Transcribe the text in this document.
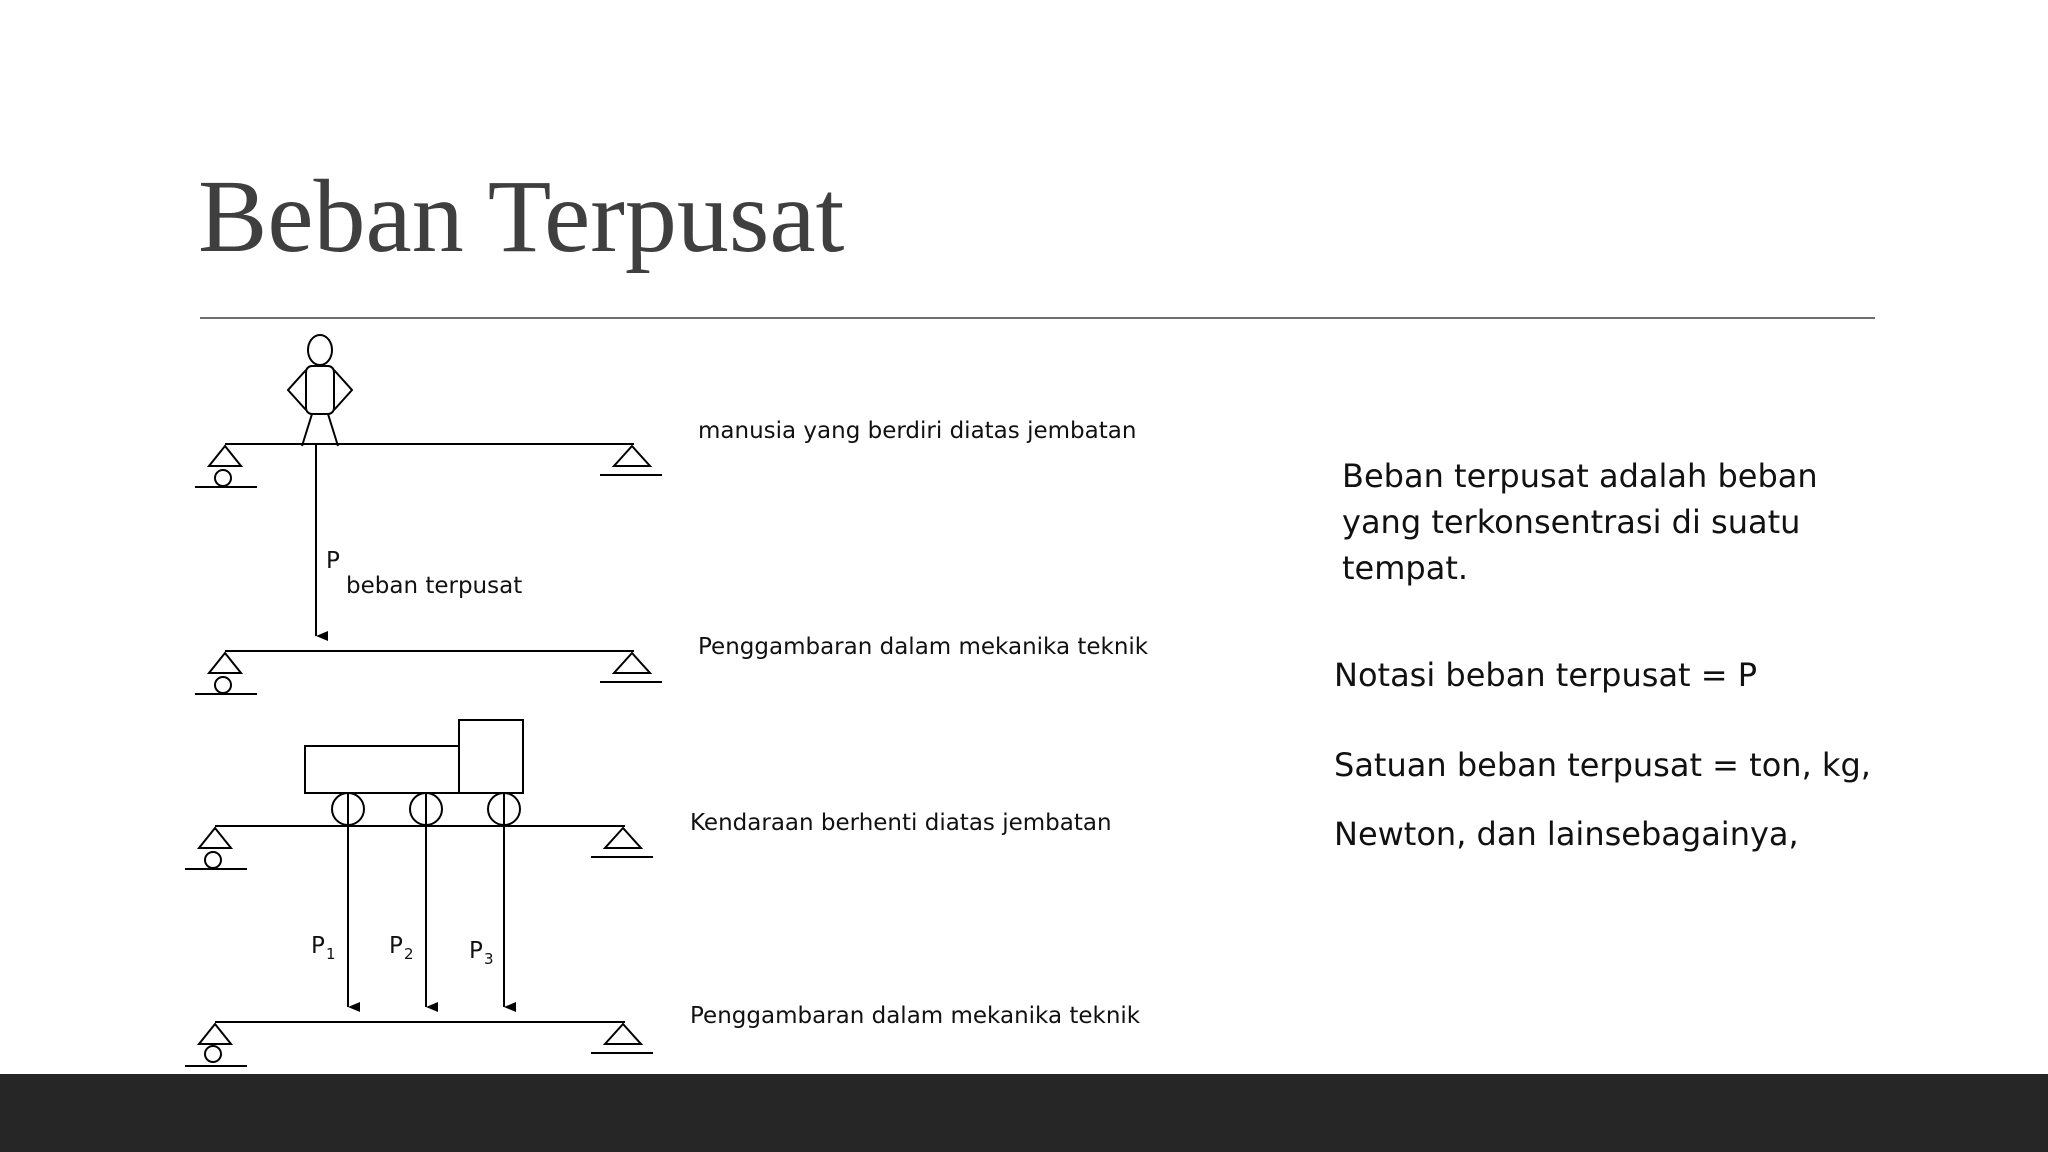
Beban Terpusat
manusia yang berdiri diatas jembatan
Penggambaran dalam mekanika teknik
Kendaraan berhenti diatas jembatan
Penggambaran dalam mekanika teknik
P
beban terpusat
P 1 P 2 P 3
Beban terpusat adalah beban
yang terkonsentrasi di suatu
tempat.
Notasi beban terpusat = P
Satuan beban terpusat = ton, kg,
Newton, dan lainsebagainya,
